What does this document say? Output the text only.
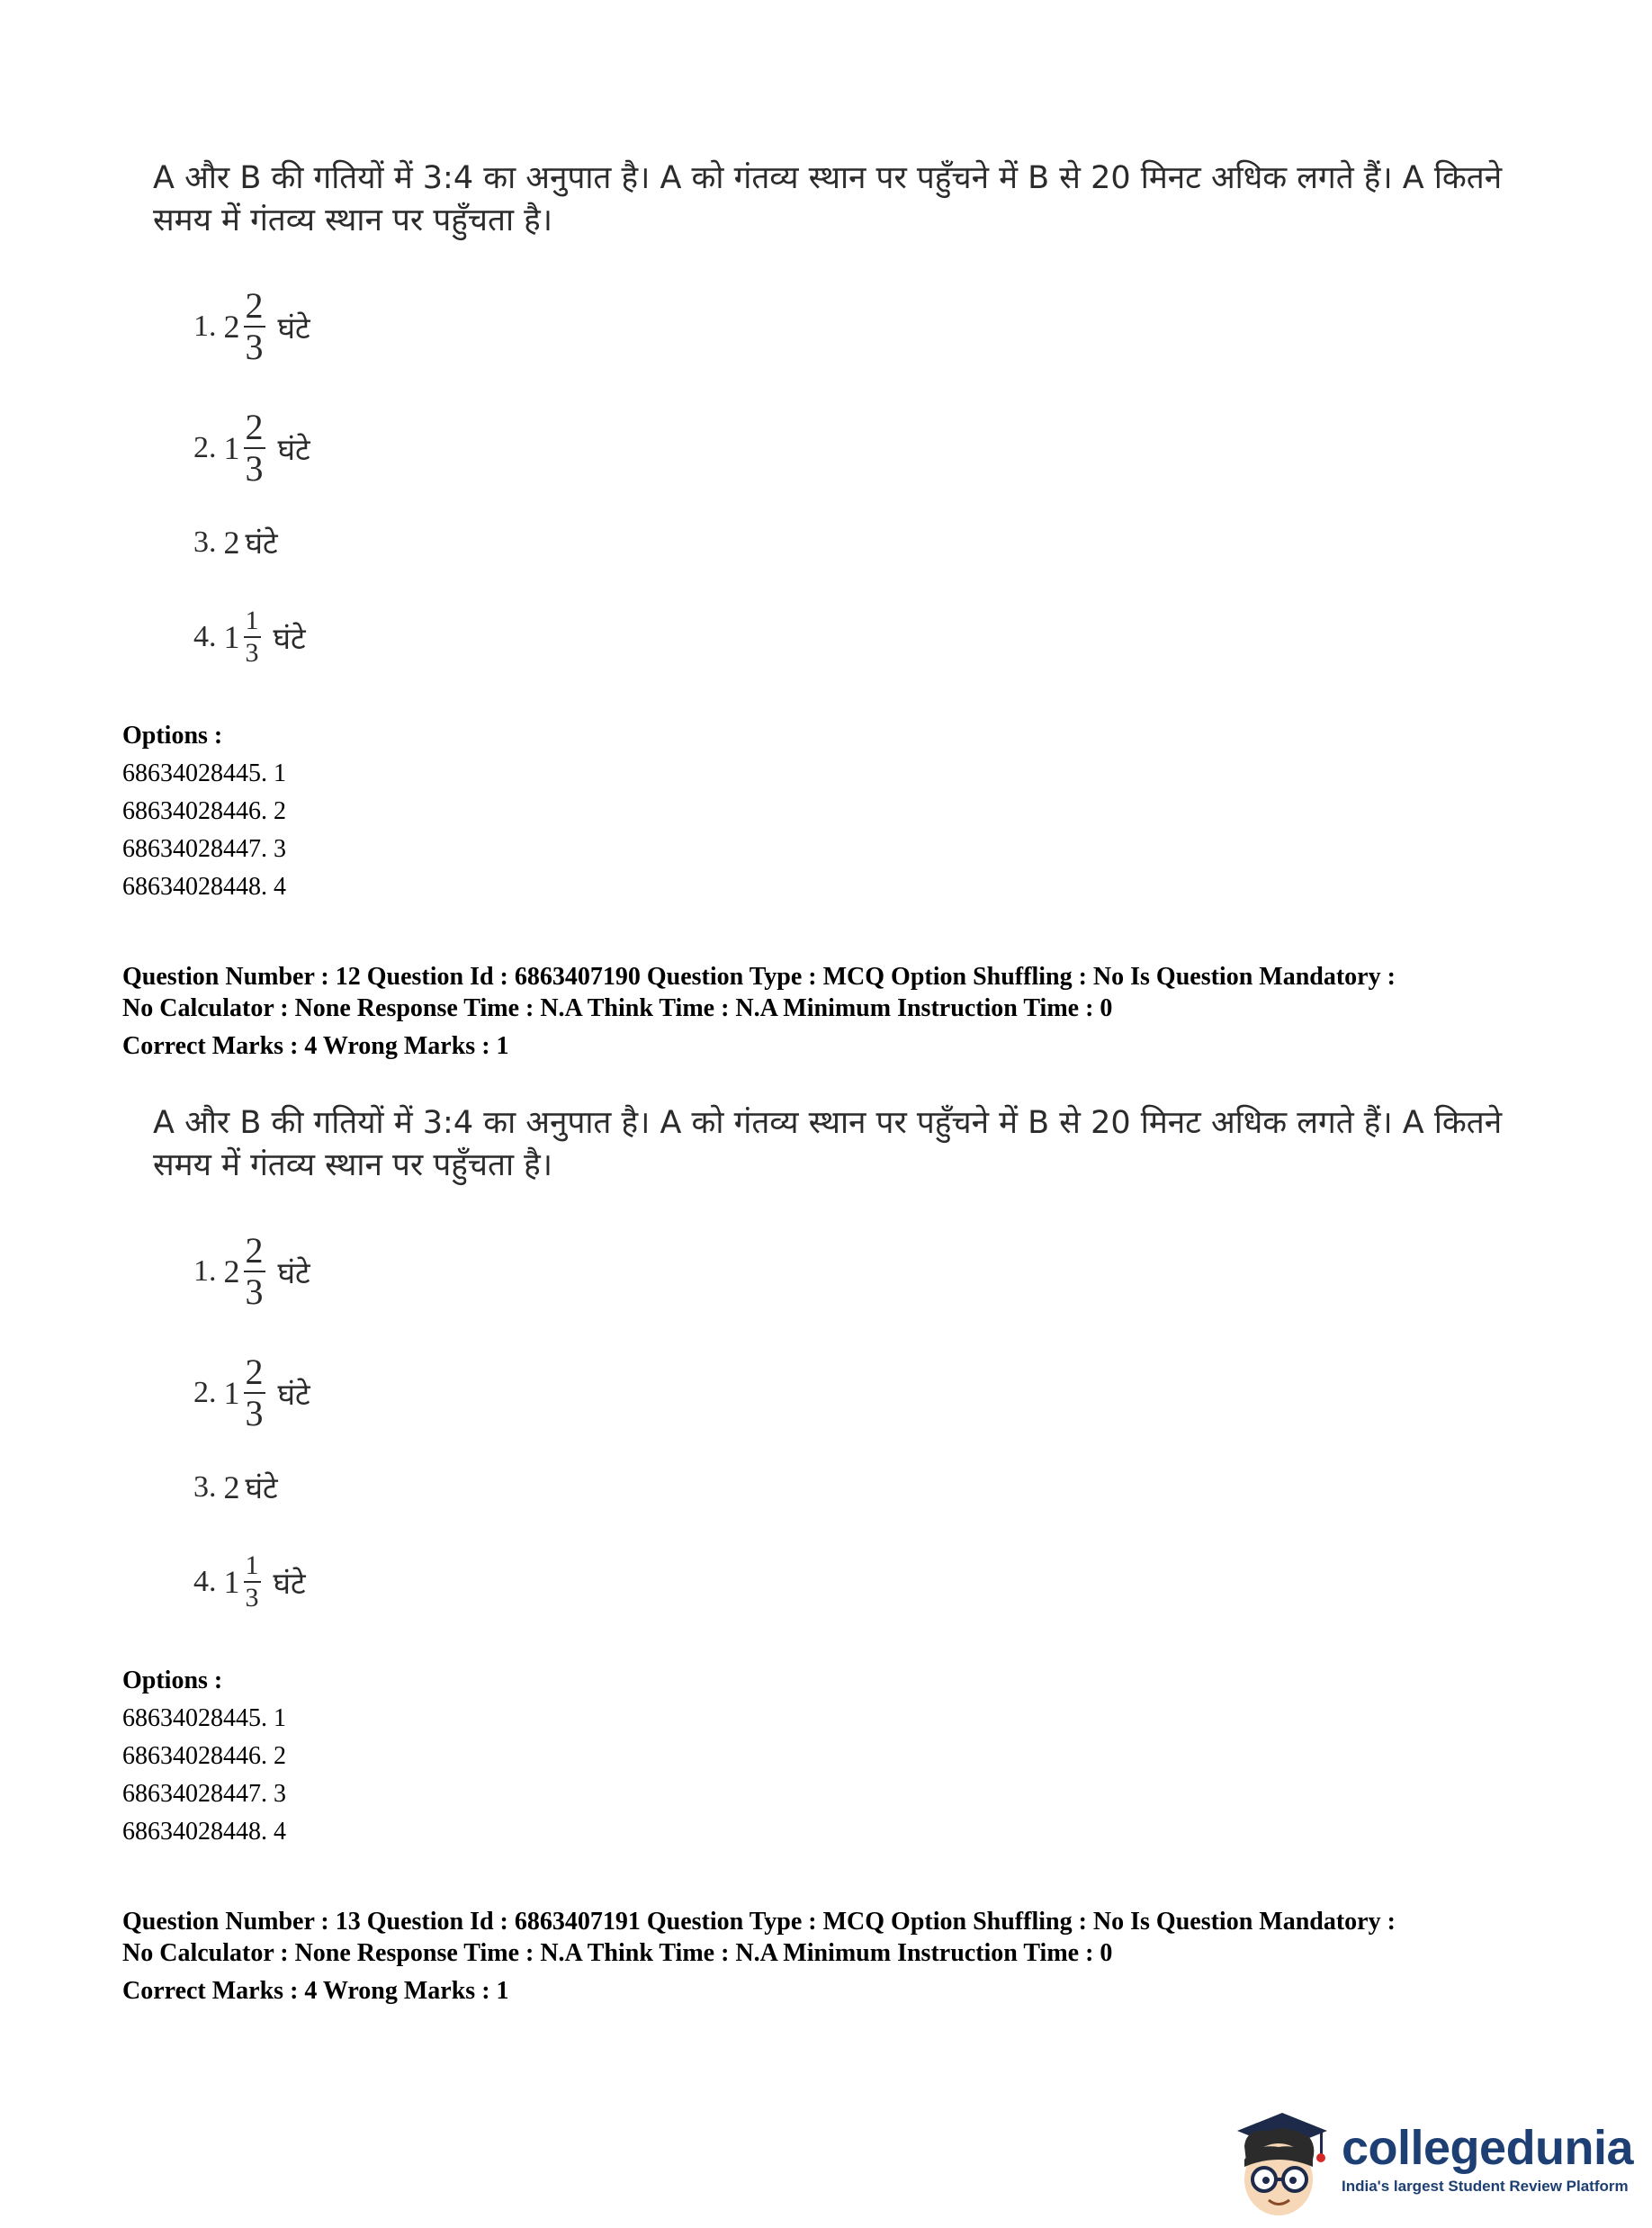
A और B की गतियों में 3:4 का अनुपात है। A को गंतव्य स्थान पर पहुँचने में B से 20 मिनट अधिक लगते हैं। A कितने समय में गंतव्य स्थान पर पहुँचता है।

1. $2 \frac{2}{3}$ घंटे
2. $1 \frac{2}{3}$ घंटे
3. 2 घंटे
4. $1 \frac{1}{3}$ घंटे
Options :
68634028445. 1
68634028446. 2
68634028447. 3
68634028448. 4
Question Number : 12 Question Id : 6863407190 Question Type : MCQ Option Shuffling : No Is Question Mandatory :
No Calculator : None Response Time : N.A Think Time : N.A Minimum Instruction Time : 0
Correct Marks : 4 Wrong Marks : 1

A और B की गतियों में 3:4 का अनुपात है। A को गंतव्य स्थान पर पहुँचने में B से 20 मिनट अधिक लगते हैं। A कितने समय में गंतव्य स्थान पर पहुँचता है।

1. $2 \frac{2}{3}$ घंटे
2. $1 \frac{2}{3}$ घंटे
3. 2 घंटे
4. $1 \frac{1}{3}$ घंटे
Options :
68634028445. 1
68634028446. 2
68634028447. 3
68634028448. 4
Question Number : 13 Question Id : 6863407191 Question Type : MCQ Option Shuffling : No Is Question Mandatory :
No Calculator : None Response Time : N.A Think Time : N.A Minimum Instruction Time : 0
Correct Marks : 4 Wrong Marks : 1
collegedunia
India's largest Student Review Platform
